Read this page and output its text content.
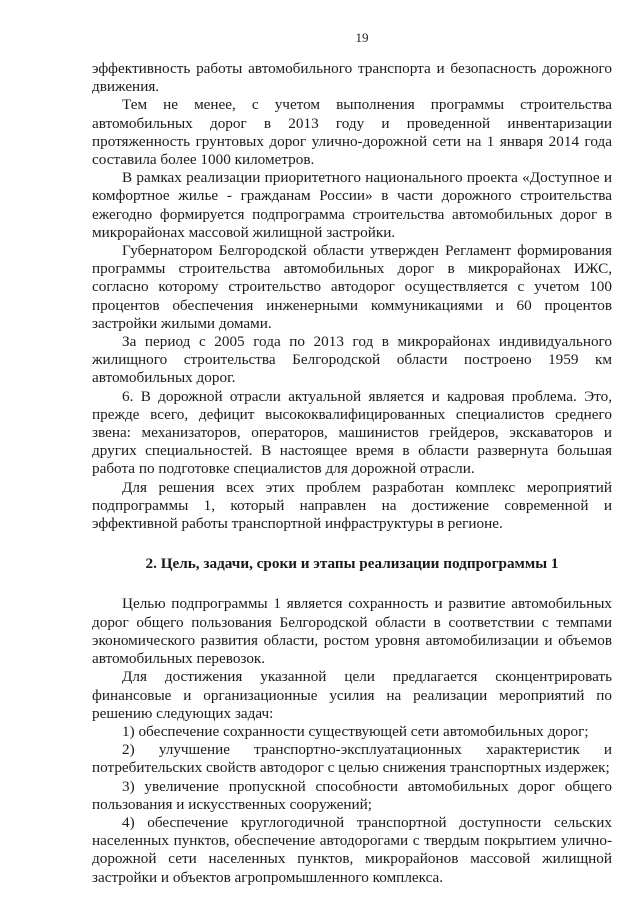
19

эффективность работы автомобильного транспорта и безопасность дорожного движения.

Тем не менее, с учетом выполнения программы строительства автомобильных дорог в 2013 году и проведенной инвентаризации протяженность грунтовых дорог улично-дорожной сети на 1 января 2014 года составила более 1000 километров.

В рамках реализации приоритетного национального проекта «Доступное и комфортное жилье - гражданам России» в части дорожного строительства ежегодно формируется подпрограмма строительства автомобильных дорог в микрорайонах массовой жилищной застройки.

Губернатором Белгородской области утвержден Регламент формирования программы строительства автомобильных дорог в микрорайонах ИЖС, согласно которому строительство автодорог осуществляется с учетом 100 процентов обеспечения инженерными коммуникациями и 60 процентов застройки жилыми домами.

За период с 2005 года по 2013 год в микрорайонах индивидуального жилищного строительства Белгородской области построено 1959 км автомобильных дорог.

6. В дорожной отрасли актуальной является и кадровая проблема. Это, прежде всего, дефицит высококвалифицированных специалистов среднего звена: механизаторов, операторов, машинистов грейдеров, экскаваторов и других специальностей. В настоящее время в области развернута большая работа по подготовке специалистов для дорожной отрасли.

Для решения всех этих проблем разработан комплекс мероприятий подпрограммы 1, который направлен на достижение современной и эффективной работы транспортной инфраструктуры в регионе.

2. Цель, задачи, сроки и этапы реализации подпрограммы 1

Целью подпрограммы 1 является сохранность и развитие автомобильных дорог общего пользования Белгородской области в соответствии с темпами экономического развития области, ростом уровня автомобилизации и объемов автомобильных перевозок.

Для достижения указанной цели предлагается сконцентрировать финансовые и организационные усилия на реализации мероприятий по решению следующих задач:

1) обеспечение сохранности существующей сети автомобильных дорог;

2) улучшение транспортно-эксплуатационных характеристик и потребительских свойств автодорог с целью снижения транспортных издержек;

3) увеличение пропускной способности автомобильных дорог общего пользования и искусственных сооружений;

4) обеспечение круглогодичной транспортной доступности сельских населенных пунктов, обеспечение автодорогами с твердым покрытием улично-дорожной сети населенных пунктов, микрорайонов массовой жилищной застройки и объектов агропромышленного комплекса.
